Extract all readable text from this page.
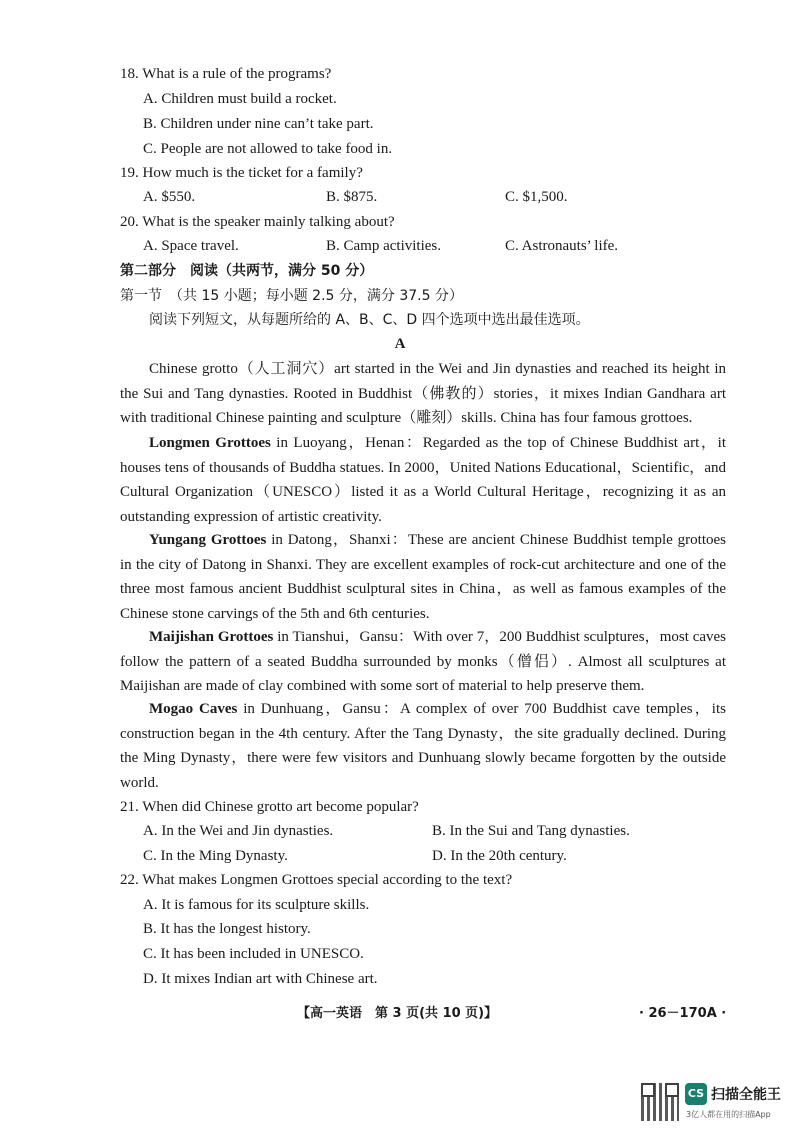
18. What is a rule of the programs?
A. Children must build a rocket.
B. Children under nine can’t take part.
C. People are not allowed to take food in.
19. How much is the ticket for a family?
A. $550.	B. $875.	C. $1,500.
20. What is the speaker mainly talking about?
A. Space travel.	B. Camp activities.	C. Astronauts’ life.
第二部分　阅读（共两节，满分 50 分）
第一节　（共 15 小题；每小题 2.5 分，满分 37.5 分）
阅读下列短文，从每题所给的 A、B、C、D 四个选项中选出最佳选项。
A
Chinese grotto（人工洞穴）art started in the Wei and Jin dynasties and reached its height in the Sui and Tang dynasties. Rooted in Buddhist（佛教的）stories，it mixes Indian Gandhara art with traditional Chinese painting and sculpture（雕刻）skills. China has four famous grottoes.
Longmen Grottoes in Luoyang，Henan：Regarded as the top of Chinese Buddhist art，it houses tens of thousands of Buddha statues. In 2000，United Nations Educational，Scientific，and Cultural Organization（UNESCO）listed it as a World Cultural Heritage，recognizing it as an outstanding expression of artistic creativity.
Yungang Grottoes in Datong，Shanxi：These are ancient Chinese Buddhist temple grottoes in the city of Datong in Shanxi. They are excellent examples of rock-cut architecture and one of the three most famous ancient Buddhist sculptural sites in China，as well as famous examples of the Chinese stone carvings of the 5th and 6th centuries.
Maijishan Grottoes in Tianshui，Gansu：With over 7，200 Buddhist sculptures，most caves follow the pattern of a seated Buddha surrounded by monks（僧侣）. Almost all sculptures at Maijishan are made of clay combined with some sort of material to help preserve them.
Mogao Caves in Dunhuang，Gansu：A complex of over 700 Buddhist cave temples，its construction began in the 4th century. After the Tang Dynasty，the site gradually declined. During the Ming Dynasty，there were few visitors and Dunhuang slowly became forgotten by the outside world.
21. When did Chinese grotto art become popular?
A. In the Wei and Jin dynasties.	B. In the Sui and Tang dynasties.
C. In the Ming Dynasty.	D. In the 20th century.
22. What makes Longmen Grottoes special according to the text?
A. It is famous for its sculpture skills.
B. It has the longest history.
C. It has been included in UNESCO.
D. It mixes Indian art with Chinese art.
【高一英语　第 3 页(共 10 页)】	· 26－170A ·
CS 扫描全能王
3亿人都在用的扫描App
